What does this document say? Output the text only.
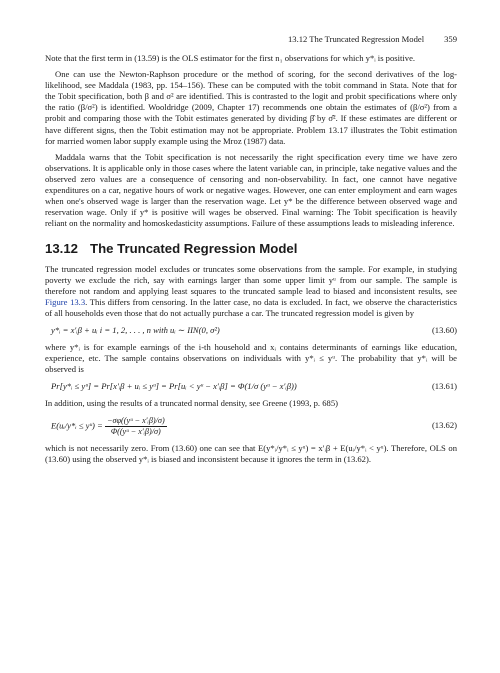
13.12 The Truncated Regression Model 359

Note that the first term in (13.59) is the OLS estimator for the first n₁ observations for which y*ᵢ is positive.

One can use the Newton-Raphson procedure or the method of scoring, for the second derivatives of the log-likelihood, see Maddala (1983, pp. 154–156). These can be computed with the tobit command in Stata. Note that for the Tobit specification, both β and σ² are identified. This is contrasted to the logit and probit specifications where only the ratio (β/σ²) is identified. Wooldridge (2009, Chapter 17) recommends one obtain the estimates of (β/σ²) from a probit and comparing those with the Tobit estimates generated by dividing β̂ by σ̂². If these estimates are different or have different signs, then the Tobit estimation may not be appropriate. Problem 13.17 illustrates the Tobit estimation for married women labor supply example using the Mroz (1987) data.

Maddala warns that the Tobit specification is not necessarily the right specification every time we have zero observations. It is applicable only in those cases where the latent variable can, in principle, take negative values and the observed zero values are a consequence of censoring and non-observability. In fact, one cannot have negative expenditures on a car, negative hours of work or negative wages. However, one can enter employment and earn wages when one's observed wage is larger than the reservation wage. Let y* be the difference between observed wage and reservation wage. Only if y* is positive will wages be observed. Final warning: The Tobit specification is heavily reliant on the normality and homoskedasticity assumptions. Failure of these assumptions leads to misleading inference.

13.12 The Truncated Regression Model

The truncated regression model excludes or truncates some observations from the sample. For example, in studying poverty we exclude the rich, say with earnings larger than some upper limit yᵘ from our sample. The sample is therefore not random and applying least squares to the truncated sample lead to biased and inconsistent results, see Figure 13.3. This differs from censoring. In the latter case, no data is excluded. In fact, we observe the characteristics of all households even those that do not actually purchase a car. The truncated regression model is given by

y*ᵢ = x′ᵢβ + uᵢ i = 1, 2, . . . , n with uᵢ ∼ IIN(0, σ²)	(13.60)

where y*ᵢ is for example earnings of the i-th household and xᵢ contains determinants of earnings like education, experience, etc. The sample contains observations on individuals with y*ᵢ ≤ yᵘ. The probability that y*ᵢ will be observed is

Pr[y*ᵢ ≤ yᵘ] = Pr[x′ᵢβ + uᵢ ≤ yᵘ] = Pr[uᵢ < yᵘ − x′ᵢβ] = Φ(1/σ (yᵘ − x′ᵢβ))	(13.61)

In addition, using the results of a truncated normal density, see Greene (1993, p. 685)

E(uᵢ/y*ᵢ ≤ yᵘ) = $\frac{\text{−σφ((yᵘ − x′ᵢβ)/σ)}}{\text{Φ((yᵘ − x′ᵢβ)/σ)}}$	(13.62)

which is not necessarily zero. From (13.60) one can see that E(y*ᵢ/y*ᵢ ≤ yᵘ) = x′ᵢβ + E(uᵢ/y*ᵢ < yᵘ). Therefore, OLS on (13.60) using the observed y*ᵢ is biased and inconsistent because it ignores the term in (13.62).
